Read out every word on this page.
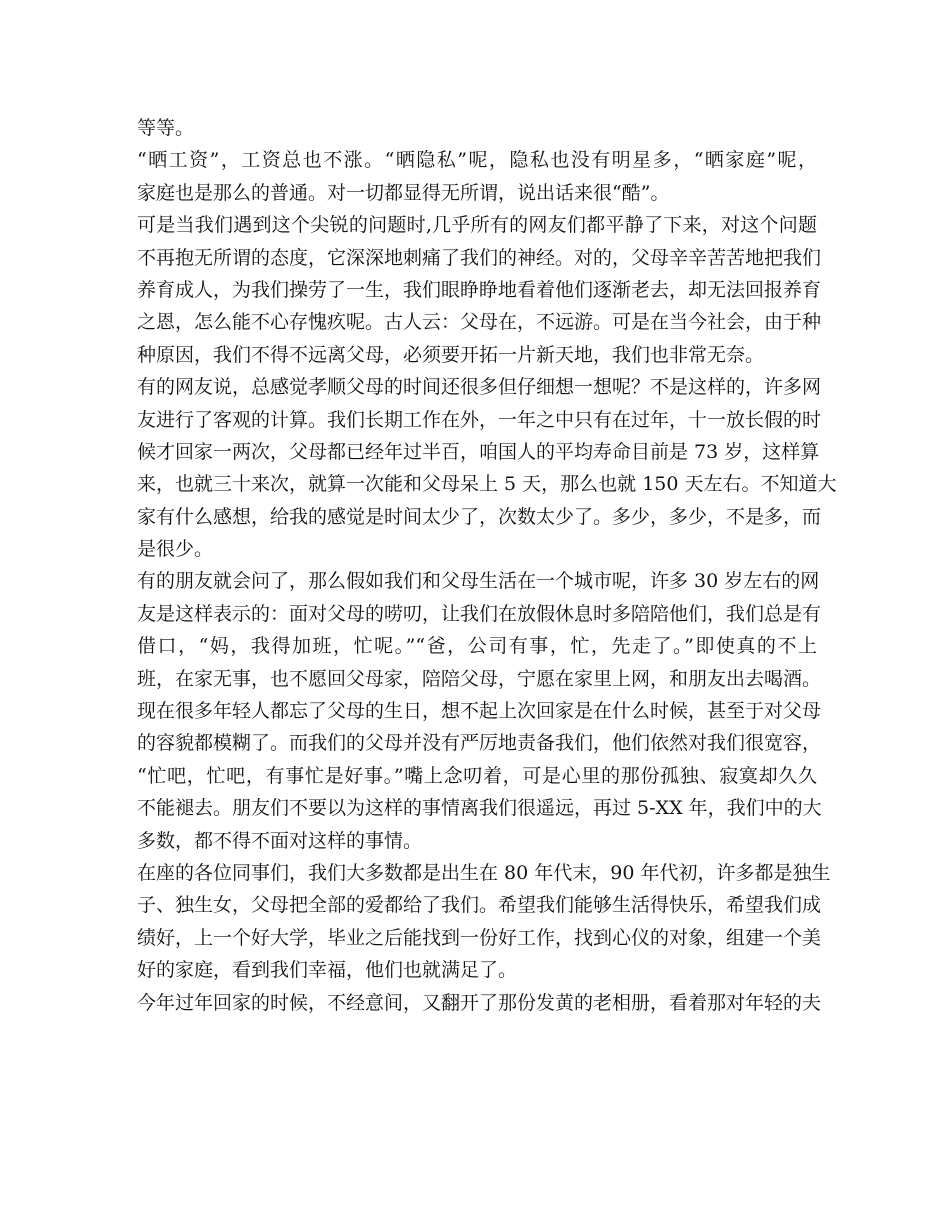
等等。
“晒工资”，工资总也不涨。“晒隐私”呢，隐私也没有明星多，“晒家庭”呢，
家庭也是那么的普通。对一切都显得无所谓，说出话来很“酷”。
可是当我们遇到这个尖锐的问题时,几乎所有的网友们都平静了下来，对这个问题
不再抱无所谓的态度，它深深地刺痛了我们的神经。对的，父母辛辛苦苦地把我们
养育成人，为我们操劳了一生，我们眼睁睁地看着他们逐渐老去，却无法回报养育
之恩，怎么能不心存愧疚呢。古人云：父母在，不远游。可是在当今社会，由于种
种原因，我们不得不远离父母，必须要开拓一片新天地，我们也非常无奈。
有的网友说，总感觉孝顺父母的时间还很多但仔细想一想呢？不是这样的，许多网
友进行了客观的计算。我们长期工作在外，一年之中只有在过年，十一放长假的时
候才回家一两次，父母都已经年过半百，咱国人的平均寿命目前是 73 岁，这样算
来，也就三十来次，就算一次能和父母呆上 5 天，那么也就 150 天左右。不知道大
家有什么感想，给我的感觉是时间太少了，次数太少了。多少，多少，不是多，而
是很少。
有的朋友就会问了，那么假如我们和父母生活在一个城市呢，许多 30 岁左右的网
友是这样表示的：面对父母的唠叨，让我们在放假休息时多陪陪他们，我们总是有
借口，“妈，我得加班，忙呢。”“爸，公司有事，忙，先走了。”即使真的不上
班，在家无事，也不愿回父母家，陪陪父母，宁愿在家里上网，和朋友出去喝酒。
现在很多年轻人都忘了父母的生日，想不起上次回家是在什么时候，甚至于对父母
的容貌都模糊了。而我们的父母并没有严厉地责备我们，他们依然对我们很宽容，
“忙吧，忙吧，有事忙是好事。”嘴上念叨着，可是心里的那份孤独、寂寞却久久
不能褪去。朋友们不要以为这样的事情离我们很遥远，再过 5-XX 年，我们中的大
多数，都不得不面对这样的事情。
在座的各位同事们，我们大多数都是出生在 80 年代末，90 年代初，许多都是独生
子、独生女，父母把全部的爱都给了我们。希望我们能够生活得快乐，希望我们成
绩好，上一个好大学，毕业之后能找到一份好工作，找到心仪的对象，组建一个美
好的家庭，看到我们幸福，他们也就满足了。
今年过年回家的时候，不经意间，又翻开了那份发黄的老相册，看着那对年轻的夫
